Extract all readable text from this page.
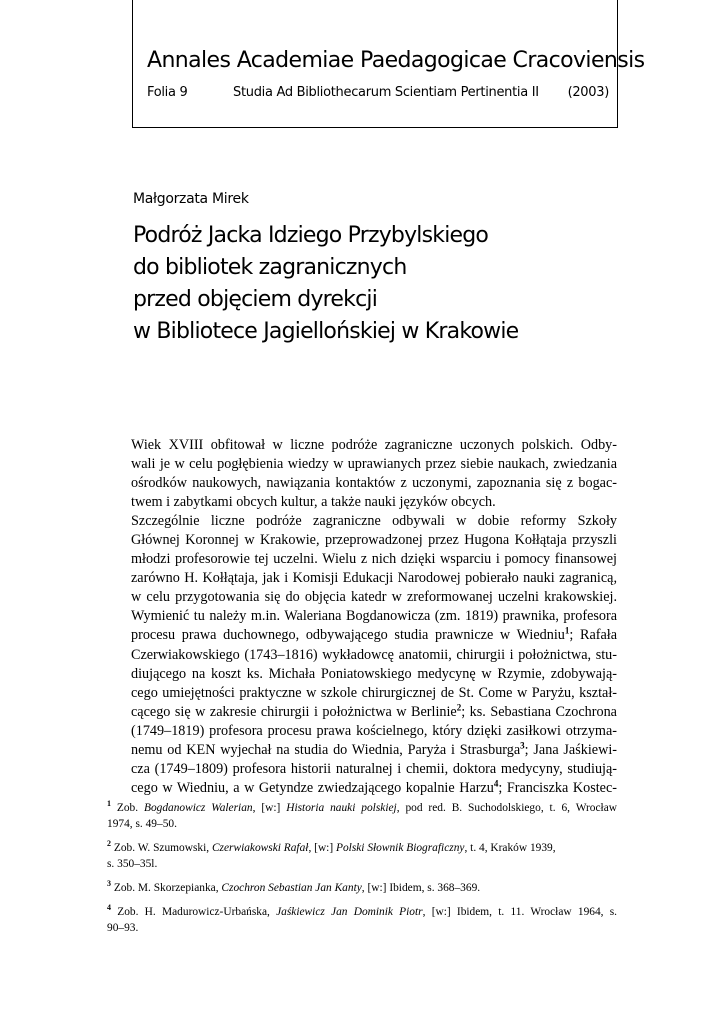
Annales Academiae Paedagogicae Cracoviensis
Folia 9	Studia Ad Bibliothecarum Scientiam Pertinentia II (2003)
Małgorzata Mirek
Podróż Jacka Idziego Przybylskiego
do bibliotek zagranicznych
przed objęciem dyrekcji
w Bibliotece Jagiellońskiej w Krakowie

Wiek XVIII obfitował w liczne podróże zagraniczne uczonych polskich. Odby-
wali je w celu pogłębienia wiedzy w uprawianych przez siebie naukach, zwiedzania
ośrodków naukowych, nawiązania kontaktów z uczonymi, zapoznania się z bogac-
twem i zabytkami obcych kultur, a także nauki języków obcych.

Szczególnie liczne podróże zagraniczne odbywali w dobie reformy Szkoły
Głównej Koronnej w Krakowie, przeprowadzonej przez Hugona Kołłątaja przyszli
młodzi profesorowie tej uczelni. Wielu z nich dzięki wsparciu i pomocy finansowej
zarówno H. Kołłątaja, jak i Komisji Edukacji Narodowej pobierało nauki zagranicą,
w celu przygotowania się do objęcia katedr w zreformowanej uczelni krakowskiej.
Wymienić tu należy m.in. Waleriana Bogdanowicza (zm. 1819) prawnika, profesora
procesu prawa duchownego, odbywającego studia prawnicze w Wiedniu$^1$; Rafała
Czerwiakowskiego (1743–1816) wykładowcę anatomii, chirurgii i położnictwa, stu-
diującego na koszt ks. Michała Poniatowskiego medycynę w Rzymie, zdobywają-
cego umiejętności praktyczne w szkole chirurgicznej de St. Come w Paryżu, kształ-
cącego się w zakresie chirurgii i położnictwa w Berlinie$^2$; ks. Sebastiana Czochrona
(1749–1819) profesora procesu prawa kościelnego, który dzięki zasiłkowi otrzyma-
nemu od KEN wyjechał na studia do Wiednia, Paryża i Strasburga$^3$; Jana Jaśkiewi-
cza (1749–1809) profesora historii naturalnej i chemii, doktora medycyny, studiują-
cego w Wiedniu, a w Getyndze zwiedzającego kopalnie Harzu$^4$; Franciszka Kostec-

$^1$ Zob. Bogdanowicz Walerian, [w:] Historia nauki polskiej, pod red. B. Suchodolskiego, t. 6, Wrocław
1974, s. 49–50.
$^2$ Zob. W. Szumowski, Czerwiakowski Rafał, [w:] Polski Słownik Biograficzny, t. 4, Kraków 1939,
s. 350–35l.
$^3$ Zob. M. Skorzepianka, Czochron Sebastian Jan Kanty, [w:] Ibidem, s. 368–369.
$^4$ Zob. H. Madurowicz-Urbańska, Jaśkiewicz Jan Dominik Piotr, [w:] Ibidem, t. 11. Wrocław 1964, s.
90–93.
